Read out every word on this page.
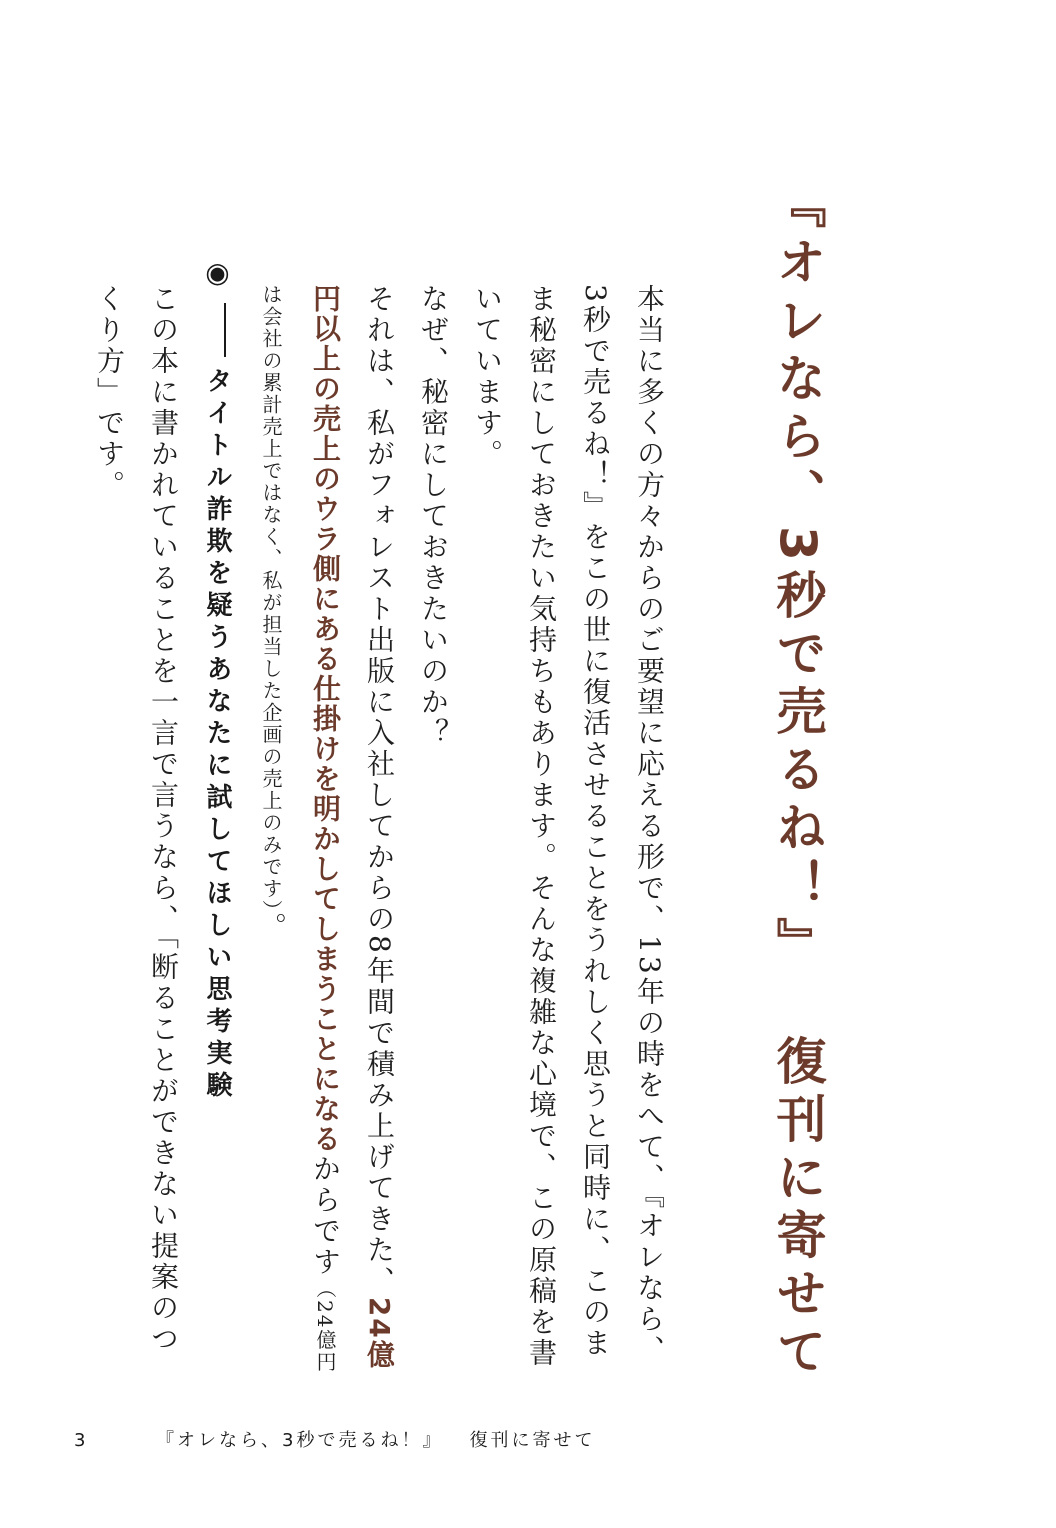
『オレなら、3秒で売るね！』復刊に寄せて
本当に多くの方々からのご要望に応える形で、13年の時をへて、『オレなら、3秒で売るね！』をこの世に復活させることをうれしく思うと同時に、このまま秘密にしておきたい気持ちもあります。そんな複雑な心境で、この原稿を書いています。
なぜ、秘密にしておきたいのか？
それは、私がフォレスト出版に入社してからの8年間で積み上げてきた、24億円以上の売上のウラ側にある仕掛けを明かしてしまうことになるからです（24億円は会社の累計売上ではなく、私が担当した企画の売上のみです）。
◉タイトル詐欺を疑うあなたに試してほしい思考実験
この本に書かれていることを一言で言うなら、「断ることができない提案のつくり方」です。
3	『オレなら、3秒で売るね！』 復刊に寄せて
